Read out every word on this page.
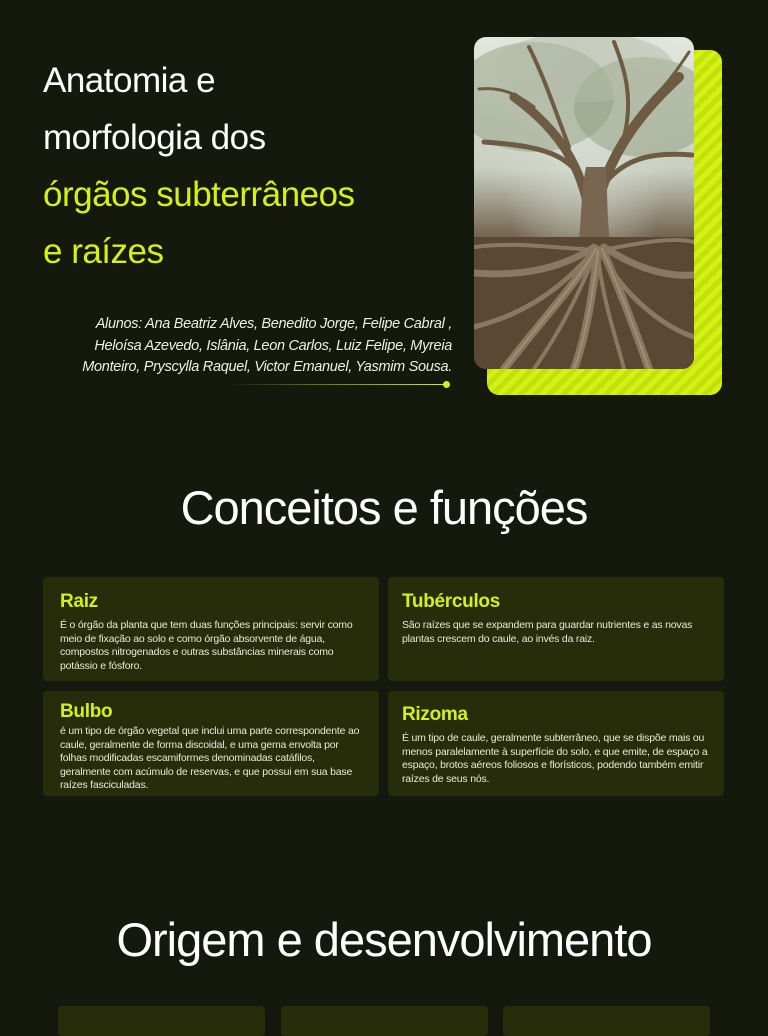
Anatomia e
morfologia dos
órgãos subterrâneos
e raízes
Alunos: Ana Beatriz Alves, Benedito Jorge, Felipe Cabral ,
Heloísa Azevedo, Islânia, Leon Carlos, Luiz Felipe, Myreia
Monteiro, Pryscylla Raquel, Victor Emanuel, Yasmim Sousa.
Conceitos e funções
Raiz
É o órgão da planta que tem duas funções principais: servir como meio de fixação ao solo e como órgão absorvente de água, compostos nitrogenados e outras substâncias minerais como potássio e fósforo.
Tubérculos
São raízes que se expandem para guardar nutrientes e as novas plantas crescem do caule, ao invés da raiz.
Bulbo
é um tipo de órgão vegetal que inclui uma parte correspondente ao caule, geralmente de forma discoidal, e uma gema envolta por folhas modificadas escamiformes denominadas catáfilos, geralmente com acúmulo de reservas, e que possui em sua base raízes fasciculadas.
Rizoma
É um tipo de caule, geralmente subterrâneo, que se dispõe mais ou menos paralelamente à superfície do solo, e que emite, de espaço a espaço, brotos aéreos foliosos e florísticos, podendo também emitir raízes de seus nós.
Origem e desenvolvimento
